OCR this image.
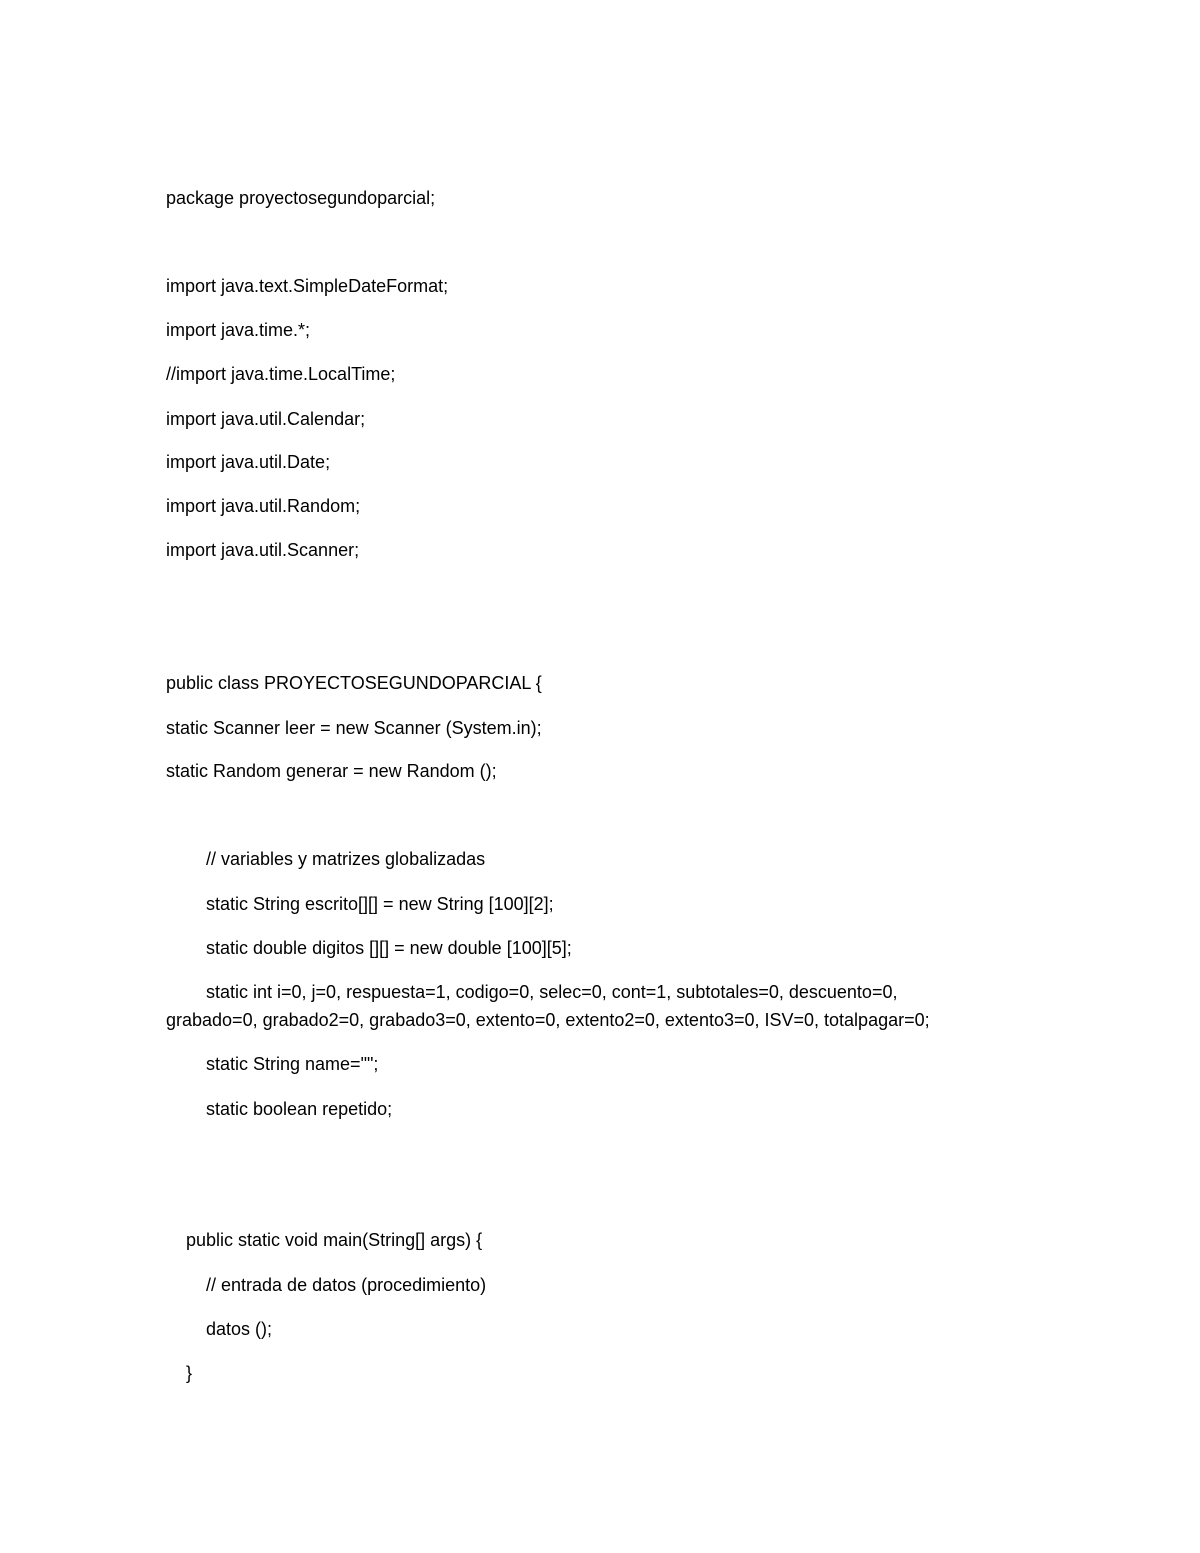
package proyectosegundoparcial;
import java.text.SimpleDateFormat;
import java.time.*;
//import java.time.LocalTime;
import java.util.Calendar;
import java.util.Date;
import java.util.Random;
import java.util.Scanner;
public class PROYECTOSEGUNDOPARCIAL {
static Scanner leer = new Scanner (System.in);
static Random generar = new Random ();
// variables y matrizes globalizadas
static String escrito[][] = new String [100][2];
static double digitos [][] = new double [100][5];
static int i=0, j=0, respuesta=1, codigo=0, selec=0, cont=1, subtotales=0, descuento=0,
grabado=0, grabado2=0, grabado3=0, extento=0, extento2=0, extento3=0, ISV=0, totalpagar=0;
static String name="";
static boolean repetido;
public static void main(String[] args) {
// entrada de datos (procedimiento)
datos ();
}
